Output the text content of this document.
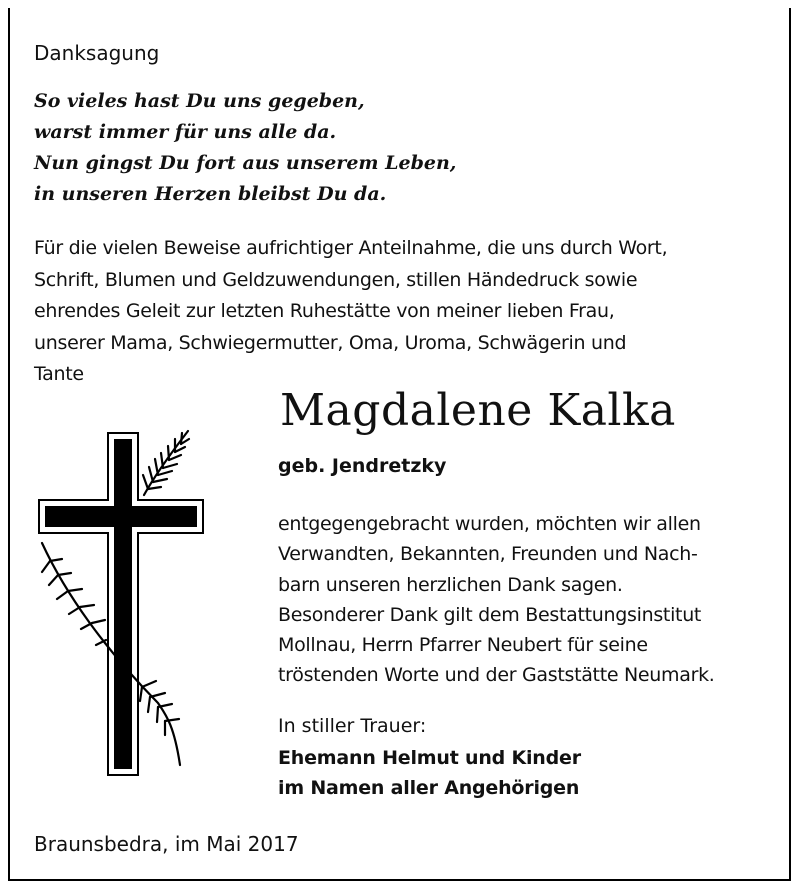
Danksagung
So vieles hast Du uns gegeben,
warst immer für uns alle da.
Nun gingst Du fort aus unserem Leben,
in unseren Herzen bleibst Du da.
Für die vielen Beweise aufrichtiger Anteilnahme, die uns durch Wort,
Schrift, Blumen und Geldzuwendungen, stillen Händedruck sowie
ehrendes Geleit zur letzten Ruhestätte von meiner lieben Frau,
unserer Mama, Schwiegermutter, Oma, Uroma, Schwägerin und
Tante
Magdalene Kalka
geb. Jendretzky
entgegengebracht wurden, möchten wir allen
Verwandten, Bekannten, Freunden und Nach-
barn unseren herzlichen Dank sagen.
Besonderer Dank gilt dem Bestattungsinstitut
Mollnau, Herrn Pfarrer Neubert für seine
tröstenden Worte und der Gaststätte Neumark.
In stiller Trauer:
Ehemann Helmut und Kinder
im Namen aller Angehörigen
Braunsbedra, im Mai 2017
